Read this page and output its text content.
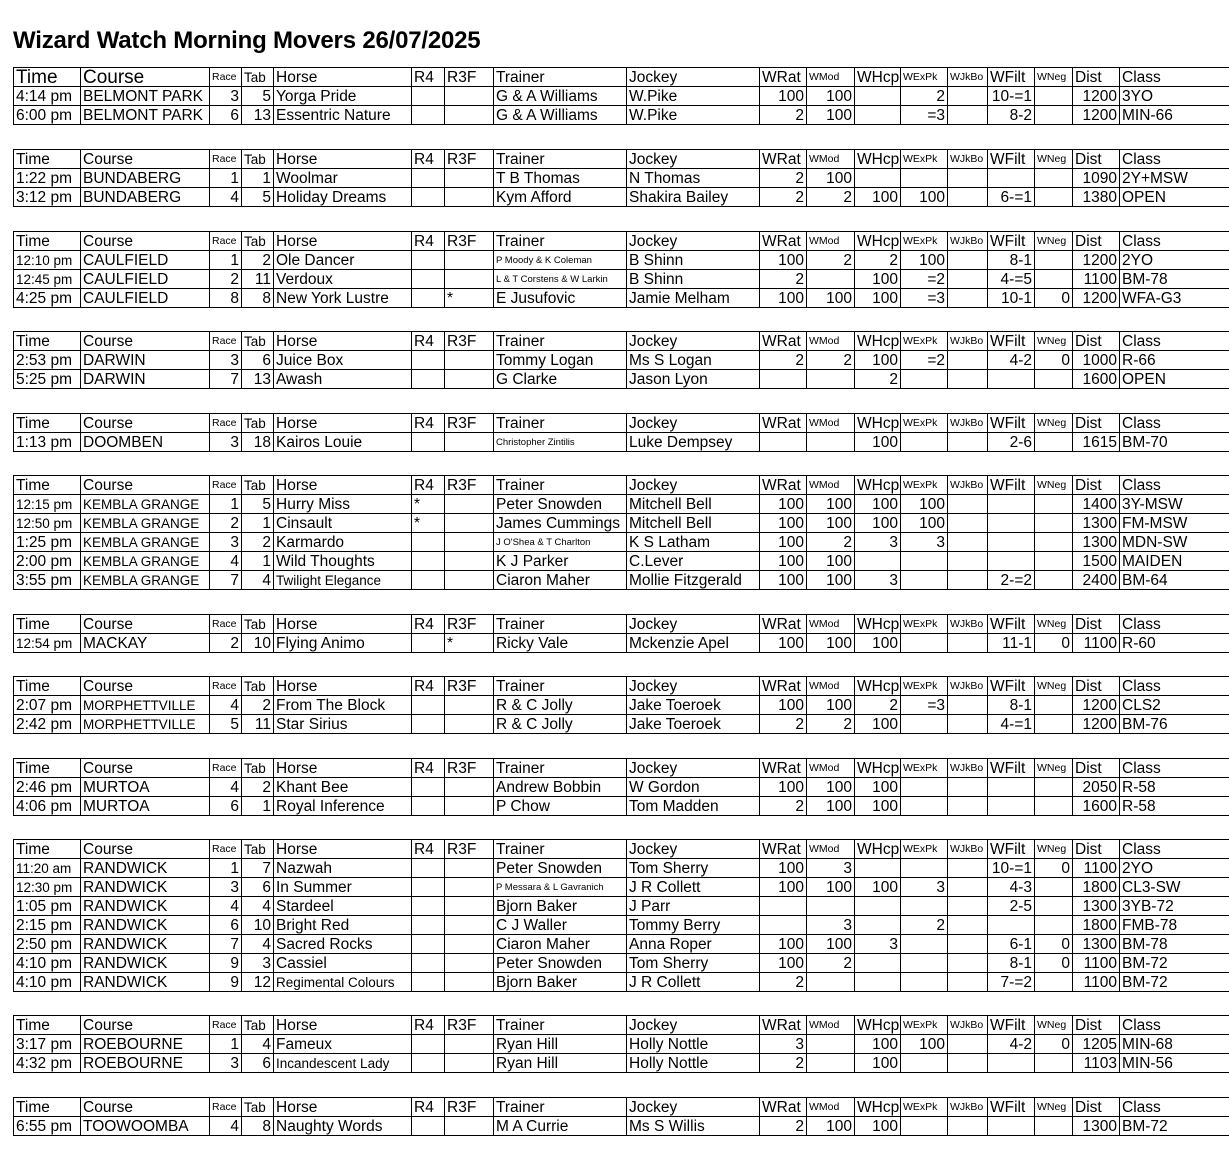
Wizard Watch Morning Movers 26/07/2025
Time	Course	Race	Tab	Horse	R4	R3F	Trainer	Jockey	WRat	WMod	WHcp	WExPk	WJkBo	WFilt	WNeg	Dist	Class
4:14 pm	BELMONT PARK	3	5	Yorga Pride			G & A Williams	W.Pike	100	100		2		10-=1		1200	3YO
6:00 pm	BELMONT PARK	6	13	Essentric Nature			G & A Williams	W.Pike	2	100		=3		8-2		1200	MIN-66
Time	Course	Race	Tab	Horse	R4	R3F	Trainer	Jockey	WRat	WMod	WHcp	WExPk	WJkBo	WFilt	WNeg	Dist	Class
1:22 pm	BUNDABERG	1	1	Woolmar			T B Thomas	N Thomas	2	100						1090	2Y+MSW
3:12 pm	BUNDABERG	4	5	Holiday Dreams			Kym Afford	Shakira Bailey	2	2	100	100		6-=1		1380	OPEN
Time	Course	Race	Tab	Horse	R4	R3F	Trainer	Jockey	WRat	WMod	WHcp	WExPk	WJkBo	WFilt	WNeg	Dist	Class
12:10 pm	CAULFIELD	1	2	Ole Dancer			P Moody & K Coleman	B Shinn	100	2	2	100		8-1		1200	2YO
12:45 pm	CAULFIELD	2	11	Verdoux			L & T Corstens & W Larkin	B Shinn	2		100	=2		4-=5		1100	BM-78
4:25 pm	CAULFIELD	8	8	New York Lustre		*	E Jusufovic	Jamie Melham	100	100	100	=3		10-1	0	1200	WFA-G3
Time	Course	Race	Tab	Horse	R4	R3F	Trainer	Jockey	WRat	WMod	WHcp	WExPk	WJkBo	WFilt	WNeg	Dist	Class
2:53 pm	DARWIN	3	6	Juice Box			Tommy Logan	Ms S Logan	2	2	100	=2		4-2	0	1000	R-66
5:25 pm	DARWIN	7	13	Awash			G Clarke	Jason Lyon			2					1600	OPEN
Time	Course	Race	Tab	Horse	R4	R3F	Trainer	Jockey	WRat	WMod	WHcp	WExPk	WJkBo	WFilt	WNeg	Dist	Class
1:13 pm	DOOMBEN	3	18	Kairos Louie			Christopher Zintilis	Luke Dempsey			100			2-6		1615	BM-70
Time	Course	Race	Tab	Horse	R4	R3F	Trainer	Jockey	WRat	WMod	WHcp	WExPk	WJkBo	WFilt	WNeg	Dist	Class
12:15 pm	KEMBLA GRANGE	1	5	Hurry Miss	*		Peter Snowden	Mitchell Bell	100	100	100	100				1400	3Y-MSW
12:50 pm	KEMBLA GRANGE	2	1	Cinsault	*		James Cummings	Mitchell Bell	100	100	100	100				1300	FM-MSW
1:25 pm	KEMBLA GRANGE	3	2	Karmardo			J O'Shea & T Charlton	K S Latham	100	2	3	3				1300	MDN-SW
2:00 pm	KEMBLA GRANGE	4	1	Wild Thoughts			K J Parker	C.Lever	100	100						1500	MAIDEN
3:55 pm	KEMBLA GRANGE	7	4	Twilight Elegance			Ciaron Maher	Mollie Fitzgerald	100	100	3			2-=2		2400	BM-64
Time	Course	Race	Tab	Horse	R4	R3F	Trainer	Jockey	WRat	WMod	WHcp	WExPk	WJkBo	WFilt	WNeg	Dist	Class
12:54 pm	MACKAY	2	10	Flying Animo		*	Ricky Vale	Mckenzie Apel	100	100	100			11-1	0	1100	R-60
Time	Course	Race	Tab	Horse	R4	R3F	Trainer	Jockey	WRat	WMod	WHcp	WExPk	WJkBo	WFilt	WNeg	Dist	Class
2:07 pm	MORPHETTVILLE	4	2	From The Block			R & C Jolly	Jake Toeroek	100	100	2	=3		8-1		1200	CLS2
2:42 pm	MORPHETTVILLE	5	11	Star Sirius			R & C Jolly	Jake Toeroek	2	2	100			4-=1		1200	BM-76
Time	Course	Race	Tab	Horse	R4	R3F	Trainer	Jockey	WRat	WMod	WHcp	WExPk	WJkBo	WFilt	WNeg	Dist	Class
2:46 pm	MURTOA	4	2	Khant Bee			Andrew Bobbin	W Gordon	100	100	100					2050	R-58
4:06 pm	MURTOA	6	1	Royal Inference			P Chow	Tom Madden	2	100	100					1600	R-58
Time	Course	Race	Tab	Horse	R4	R3F	Trainer	Jockey	WRat	WMod	WHcp	WExPk	WJkBo	WFilt	WNeg	Dist	Class
11:20 am	RANDWICK	1	7	Nazwah			Peter Snowden	Tom Sherry	100	3				10-=1	0	1100	2YO
12:30 pm	RANDWICK	3	6	In Summer			P Messara & L Gavranich	J R Collett	100	100	100	3		4-3		1800	CL3-SW
1:05 pm	RANDWICK	4	4	Stardeel			Bjorn Baker	J Parr						2-5		1300	3YB-72
2:15 pm	RANDWICK	6	10	Bright Red			C J Waller	Tommy Berry		3		2				1800	FMB-78
2:50 pm	RANDWICK	7	4	Sacred Rocks			Ciaron Maher	Anna Roper	100	100	3			6-1	0	1300	BM-78
4:10 pm	RANDWICK	9	3	Cassiel			Peter Snowden	Tom Sherry	100	2				8-1	0	1100	BM-72
4:10 pm	RANDWICK	9	12	Regimental Colours			Bjorn Baker	J R Collett	2					7-=2		1100	BM-72
Time	Course	Race	Tab	Horse	R4	R3F	Trainer	Jockey	WRat	WMod	WHcp	WExPk	WJkBo	WFilt	WNeg	Dist	Class
3:17 pm	ROEBOURNE	1	4	Fameux			Ryan Hill	Holly Nottle	3		100	100		4-2	0	1205	MIN-68
4:32 pm	ROEBOURNE	3	6	Incandescent Lady			Ryan Hill	Holly Nottle	2		100					1103	MIN-56
Time	Course	Race	Tab	Horse	R4	R3F	Trainer	Jockey	WRat	WMod	WHcp	WExPk	WJkBo	WFilt	WNeg	Dist	Class
6:55 pm	TOOWOOMBA	4	8	Naughty Words			M A Currie	Ms S Willis	2	100	100					1300	BM-72
